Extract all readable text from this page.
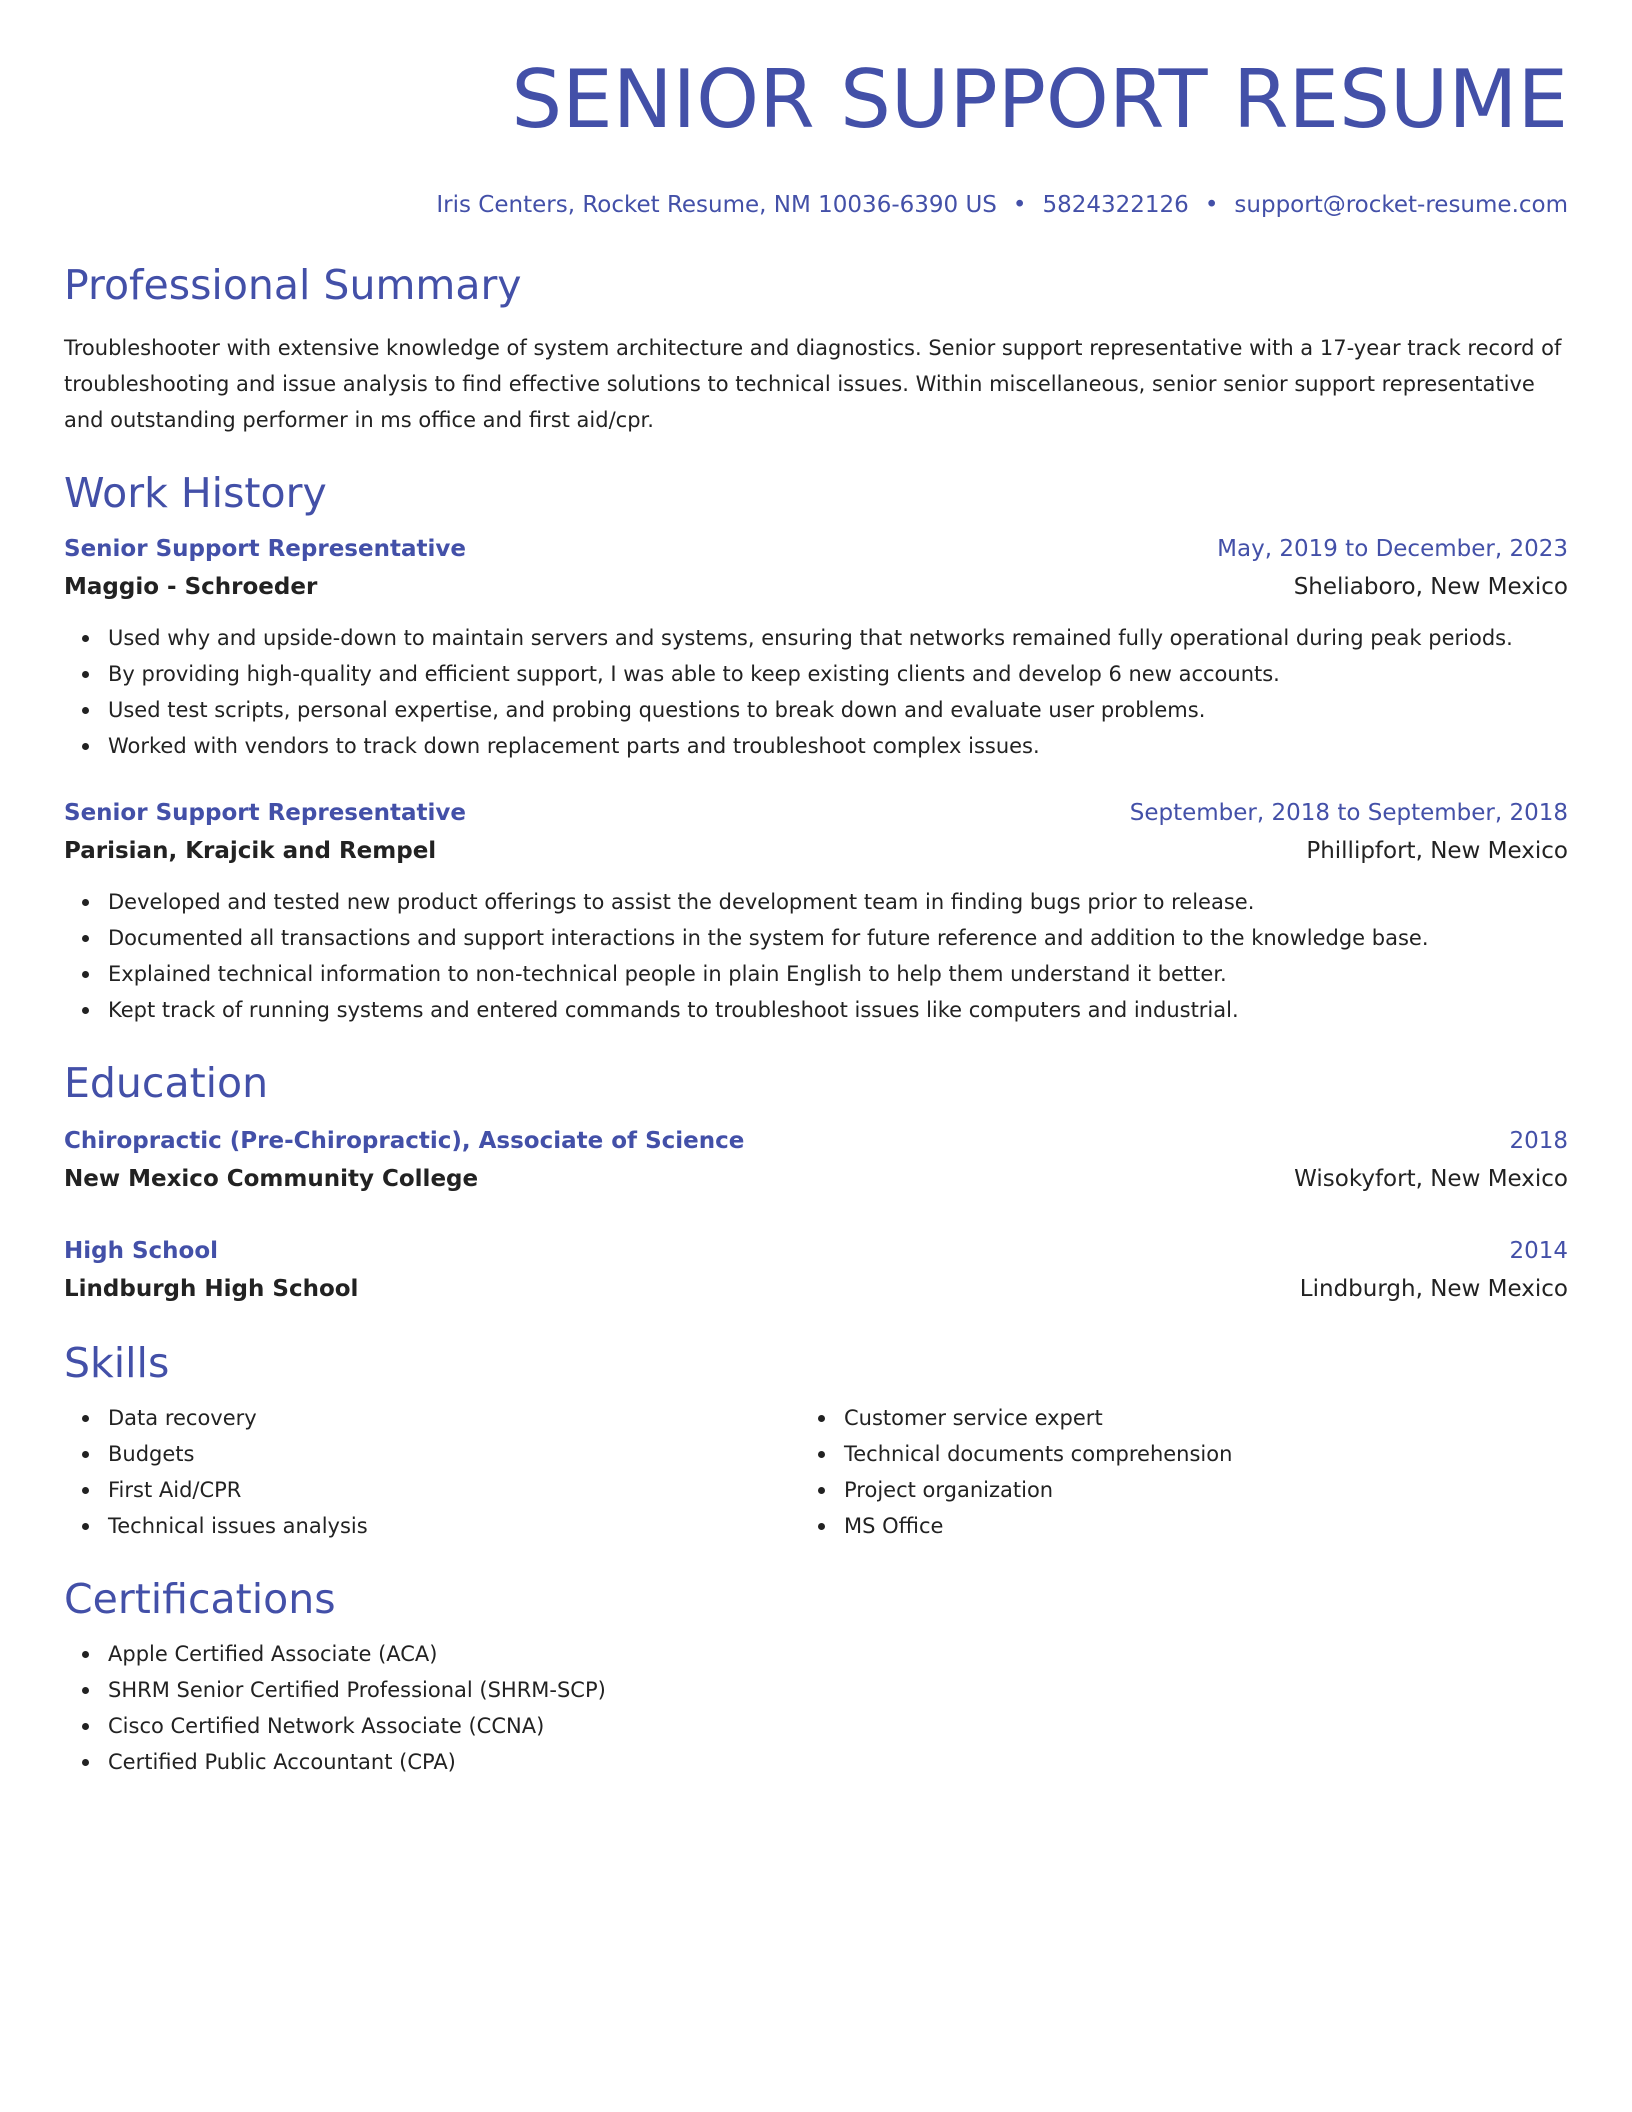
SENIOR SUPPORT RESUME
Iris Centers, Rocket Resume, NM 10036-6390 US • 5824322126 • support@rocket-resume.com
Professional Summary

Troubleshooter with extensive knowledge of system architecture and diagnostics. Senior support representative with a 17-year track record of troubleshooting and issue analysis to find effective solutions to technical issues. Within miscellaneous, senior senior support representative and outstanding performer in ms office and first aid/cpr.

Work History
Senior Support Representative	May, 2019 to December, 2023
Maggio - Schroeder	Sheliaboro, New Mexico
Used why and upside-down to maintain servers and systems, ensuring that networks remained fully operational during peak periods.
By providing high-quality and efficient support, I was able to keep existing clients and develop 6 new accounts.
Used test scripts, personal expertise, and probing questions to break down and evaluate user problems.
Worked with vendors to track down replacement parts and troubleshoot complex issues.
Senior Support Representative	September, 2018 to September, 2018
Parisian, Krajcik and Rempel	Phillipfort, New Mexico
Developed and tested new product offerings to assist the development team in finding bugs prior to release.
Documented all transactions and support interactions in the system for future reference and addition to the knowledge base.
Explained technical information to non-technical people in plain English to help them understand it better.
Kept track of running systems and entered commands to troubleshoot issues like computers and industrial.
Education
Chiropractic (Pre-Chiropractic), Associate of Science	2018
New Mexico Community College	Wisokyfort, New Mexico
High School	2014
Lindburgh High School	Lindburgh, New Mexico
Skills
Data recovery
Budgets
First Aid/CPR
Technical issues analysis
Customer service expert
Technical documents comprehension
Project organization
MS Office
Certifications
Apple Certified Associate (ACA)
SHRM Senior Certified Professional (SHRM-SCP)
Cisco Certified Network Associate (CCNA)
Certified Public Accountant (CPA)
